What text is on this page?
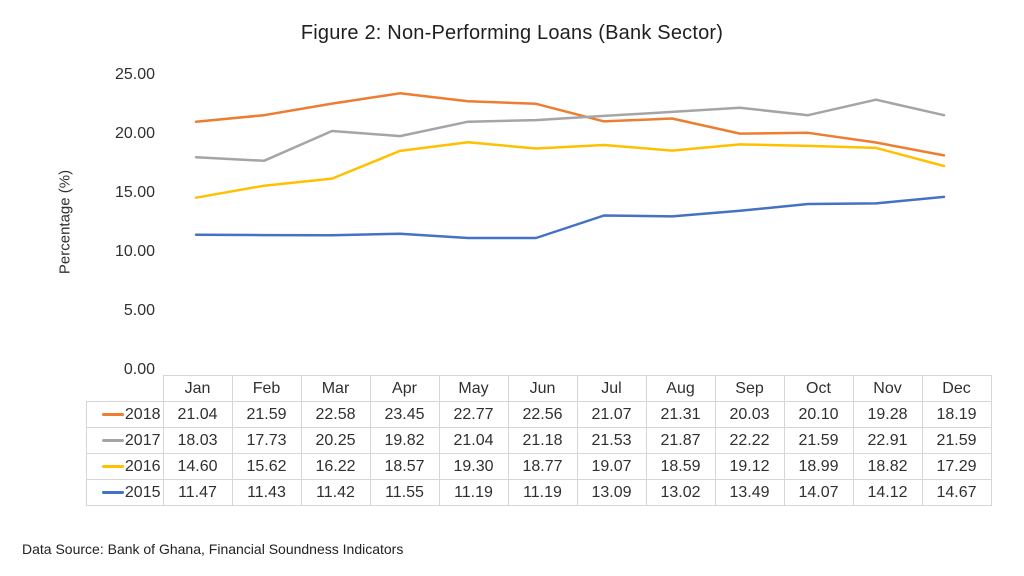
Figure 2: Non-Performing Loans (Bank Sector)
Percentage (%)
25.00
20.00
15.00
10.00
5.00
0.00
	Jan	Feb	Mar	Apr	May	Jun	Jul	Aug	Sep	Oct	Nov	Dec

2018	21.04	21.59	22.58	23.45	22.77	22.56	21.07	21.31	20.03	20.10	19.28	18.19

2017	18.03	17.73	20.25	19.82	21.04	21.18	21.53	21.87	22.22	21.59	22.91	21.59

2016	14.60	15.62	16.22	18.57	19.30	18.77	19.07	18.59	19.12	18.99	18.82	17.29

2015	11.47	11.43	11.42	11.55	11.19	11.19	13.09	13.02	13.49	14.07	14.12	14.67
Data Source: Bank of Ghana, Financial Soundness Indicators
